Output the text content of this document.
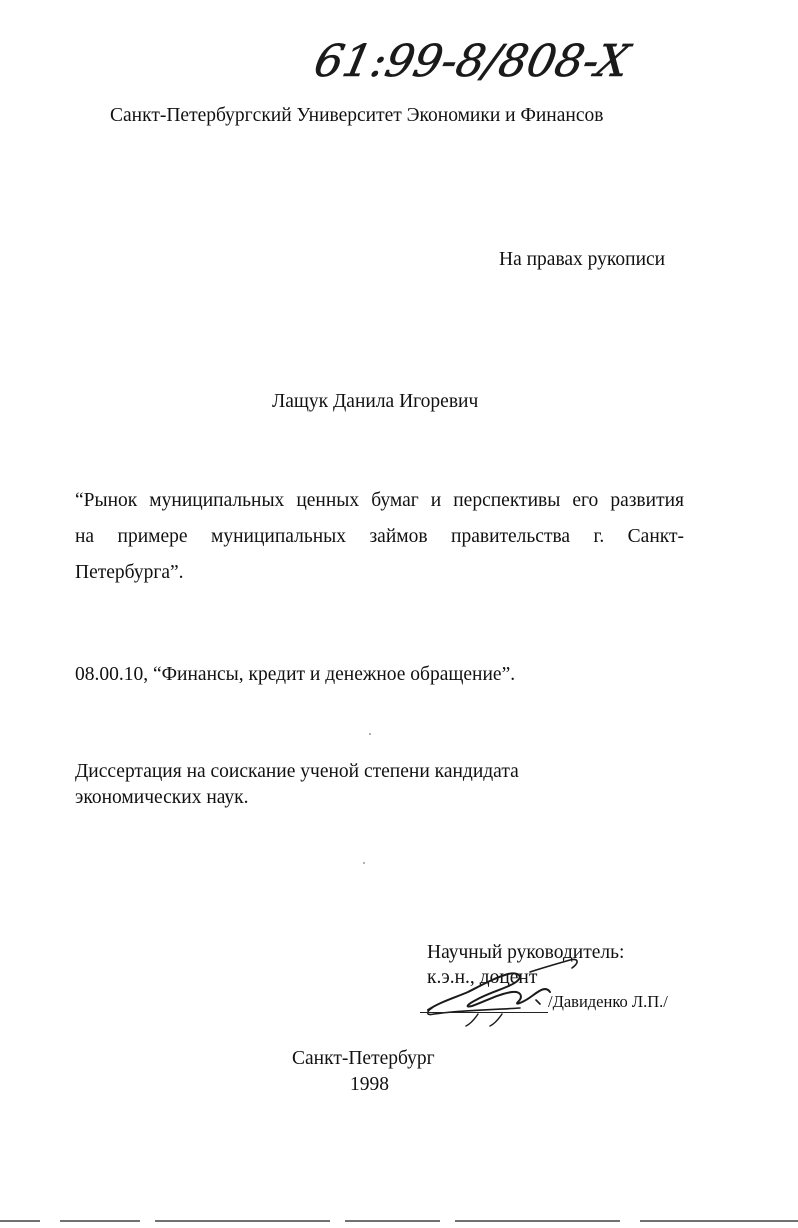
61:99-8/808-X
Санкт-Петербургский Университет Экономики и Финансов
На правах рукописи
Лащук Данила Игоревич
“Рынок муниципальных ценных бумаг и перспективы его развития
на примере муниципальных займов правительства г. Санкт-
Петербурга”.
08.00.10, “Финансы, кредит и денежное обращение”.
Диссертация на соискание ученой степени кандидата
экономических наук.
Научный руководитель:
к.э.н., доцент
/Давиденко Л.П./
Санкт-Петербург
1998
